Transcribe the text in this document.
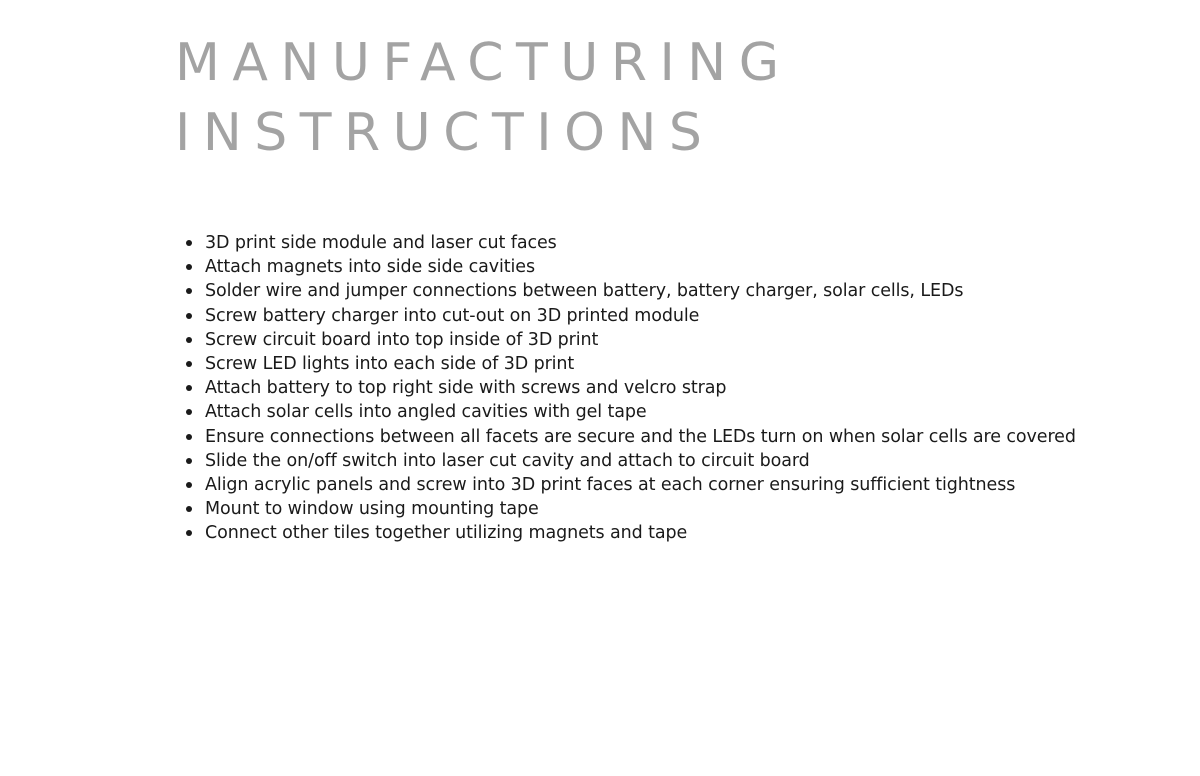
MANUFACTURING
INSTRUCTIONS
3D print side module and laser cut faces
Attach magnets into side side cavities
Solder wire and jumper connections between battery, battery charger, solar cells, LEDs
Screw battery charger into cut-out on 3D printed module
Screw circuit board into top inside of 3D print
Screw LED lights into each side of 3D print
Attach battery to top right side with screws and velcro strap
Attach solar cells into angled cavities with gel tape
Ensure connections between all facets are secure and the LEDs turn on when solar cells are covered
Slide the on/off switch into laser cut cavity and attach to circuit board
Align acrylic panels and screw into 3D print faces at each corner ensuring sufficient tightness
Mount to window using mounting tape
Connect other tiles together utilizing magnets and tape
